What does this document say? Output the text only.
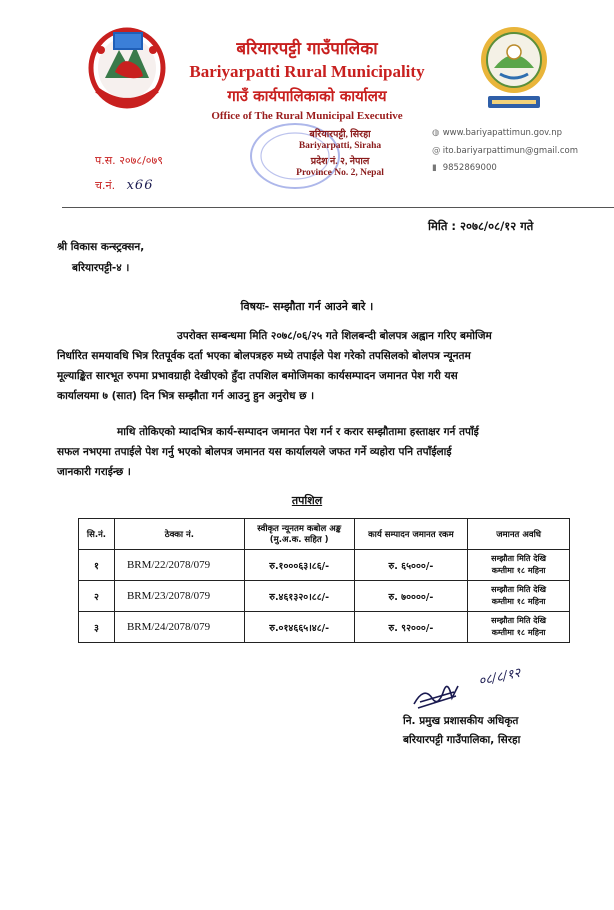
बरियारपट्टी गाउँपालिका
Bariyarpatti Rural Municipality
गाउँ कार्यपालिकाको कार्यालय
Office of The Rural Municipal Executive
बरियारपट्टी, सिरहा
Bariyarpatti, Siraha
प्रदेश नं. २, नेपाल
Province No. 2, Nepal
◍ www.bariyapattimun.gov.np
@ ito.bariyarpattimun@gmail.com
▮ 9852869000
प.स. २०७८/०७९
च.नं. x66
मिति : २०७८/०८/१२ गते
श्री विकास कन्स्ट्रक्सन,
बरियारपट्टी-४ ।
विषयः- सम्झौता गर्न आउने बारे ।
उपरोक्त सम्बन्धमा मिति २०७८/०६/२५ गते शिलबन्दी बोलपत्र अह्वान गरिए बमोजिम
निर्धारित समयावधि भित्र रितपूर्वक दर्ता भएका बोलपत्रहरु मध्ये तपाईले पेश गरेको तपसिलको बोलपत्र न्यूनतम
मूल्याङ्कित सारभूत रुपमा प्रभावग्राही देखीएको हुँदा तपशिल बमोजिमका कार्यसम्पादन जमानत पेश गरी यस
कार्यालयमा ७ (सात) दिन भित्र सम्झौता गर्न आउनु हुन अनुरोध छ ।
माथि तोकिएको म्यादभित्र कार्य-सम्पादन जमानत पेश गर्न र करार सम्झौतामा हस्ताक्षर गर्न तपाँई
सफल नभएमा तपाईले पेश गर्नु भएको बोलपत्र जमानत यस कार्यालयले जफत गर्ने व्यहोरा पनि तपाँईलाई
जानकारी गराईन्छ ।
तपशिल
सि.नं.	ठेक्का नं.	स्वीकृत न्यूनतम कबोल अङ्क (मु.अ.क. सहित )	कार्य सम्पादन जमानत रकम	जमानत अवधि
१	BRM/22/2078/079	रु.१०००६३।८६/-	रु. ६५०००/-	सम्झौता मिति देखि
कम्तीमा १८ महिना

२	BRM/23/2078/079	रु.४६१३२०।८८/-	रु. ७००००/-	सम्झौता मिति देखि
कम्तीमा १८ महिना

३	BRM/24/2078/079	रु.०१४६६५।४८/-	रु. ९२०००/-	सम्झौता मिति देखि
कम्तीमा १८ महिना
०८/८/१२
नि. प्रमुख प्रशासकीय अधिकृत
बरियारपट्टी गाउँपालिका, सिरहा
